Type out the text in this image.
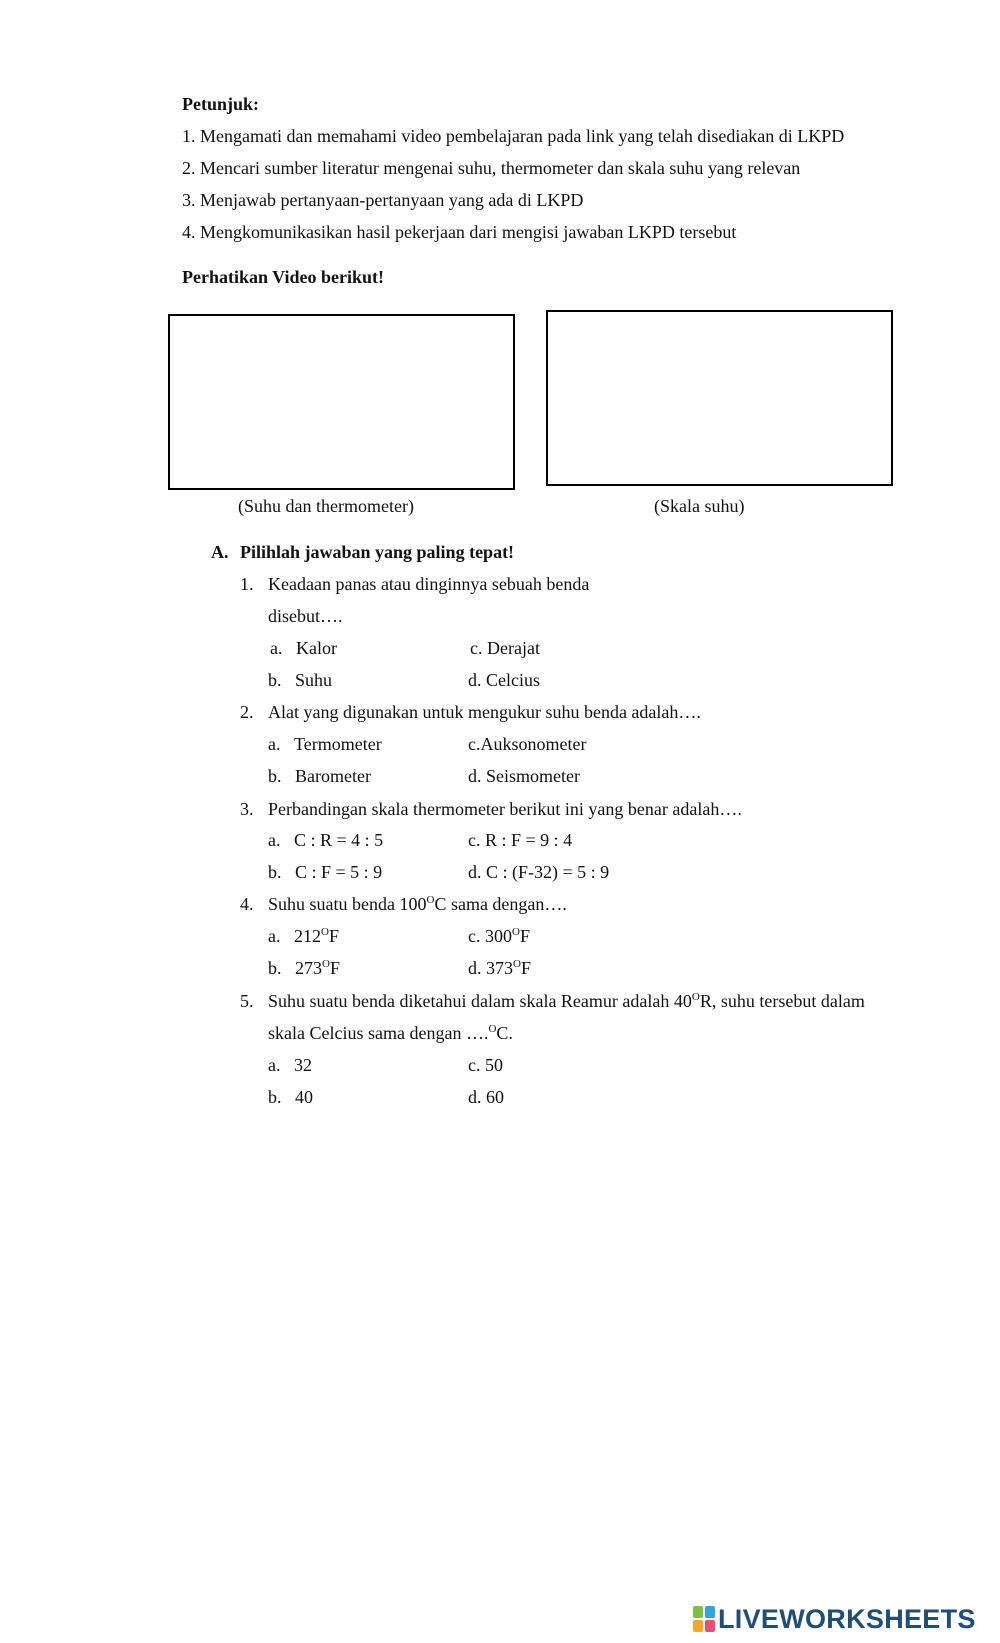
Petunjuk:
1. Mengamati dan memahami video pembelajaran pada link yang telah disediakan di LKPD
2. Mencari sumber literatur mengenai suhu, thermometer dan skala suhu yang relevan
3. Menjawab pertanyaan-pertanyaan yang ada di LKPD
4. Mengkomunikasikan hasil pekerjaan dari mengisi jawaban LKPD tersebut
Perhatikan Video berikut!
(Suhu dan thermometer)	(Skala suhu)
A. Pilihlah jawaban yang paling tepat!
1. Keadaan panas atau dinginnya sebuah benda
disebut….
a. Kalor
b. Suhu
c. Derajat
d. Celcius
2. Alat yang digunakan untuk mengukur suhu benda adalah….
a. Termometer
b. Barometer
c.Auksonometer
d. Seismometer
3. Perbandingan skala thermometer berikut ini yang benar adalah….
a. C : R = 4 : 5
b. C : F = 5 : 9
c. R : F = 9 : 4
d. C : (F-32) = 5 : 9
4. Suhu suatu benda $100^OC$ sama dengan….
a. $212^OF$
b. $273^OF$
c. $300^OF$
d. $373^OF$
5. Suhu suatu benda diketahui dalam skala Reamur adalah $40^OR$, suhu tersebut dalam
skala Celcius sama dengan ….$^O$C.
a. 32
b. 40
c. 50
d. 60
LIVEWORKSHEETS
